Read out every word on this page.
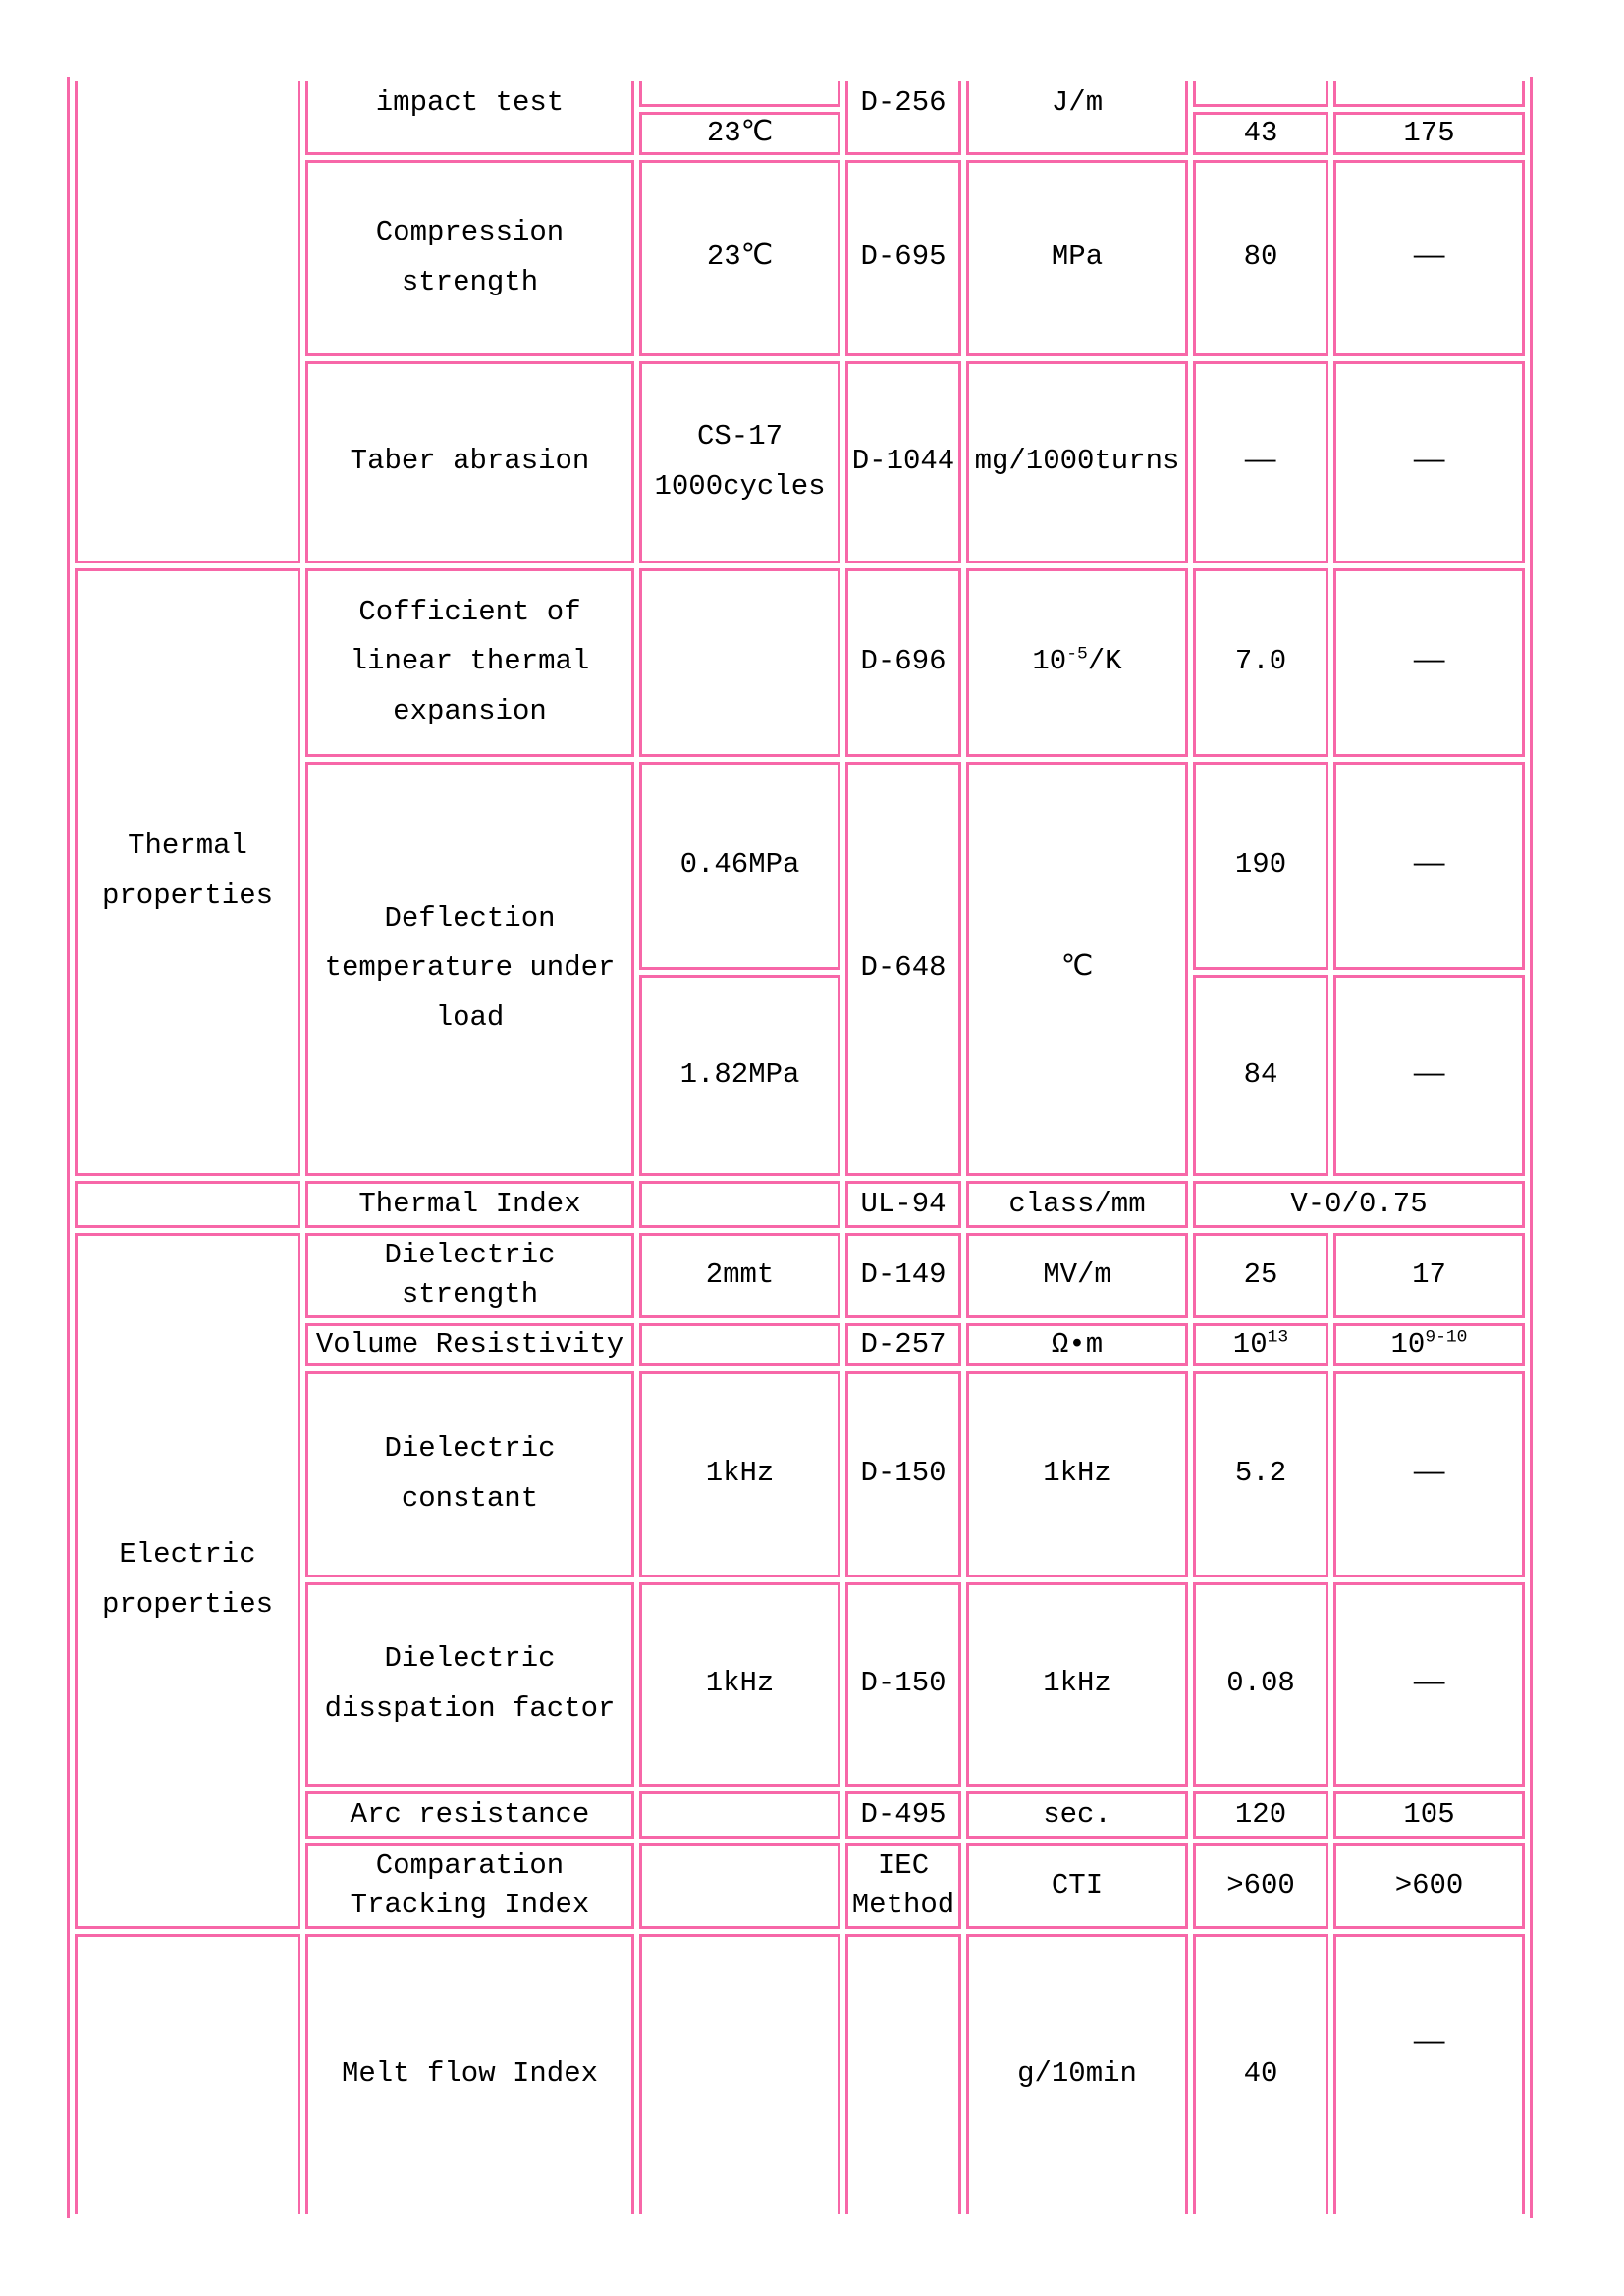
	impact test		D-256	J/m		
		23℃			43	175
	Compression strength	23℃	D-695	MPa	80	—
	Taber abrasion	CS-17 1000cycles	D-1044	mg/1000turns	—	—
Thermal properties	Cofficient of linear thermal expansion		D-696	$10^{-5}/K$	7.0	—
	Deflection temperature under load	0.46MPa	D-648	℃	190	—
		1.82MPa			84	—
	Thermal Index		UL-94	class/mm	V-0/0.75	
Electric properties	Dielectric strength	2mmt	D-149	MV/m	25	17
	Volume Resistivity		D-257	Ω•m	$10^{13}$	10$^{9-10}$
	Dielectric constant	1kHz	D-150	1kHz	5.2	—
	Dielectric disspation factor	1kHz	D-150	1kHz	0.08	—
	Arc resistance		D-495	sec.	120	105
	Comparation Tracking Index		IEC Method	CTI	>600	>600
	Melt flow Index			g/10min	40	—
